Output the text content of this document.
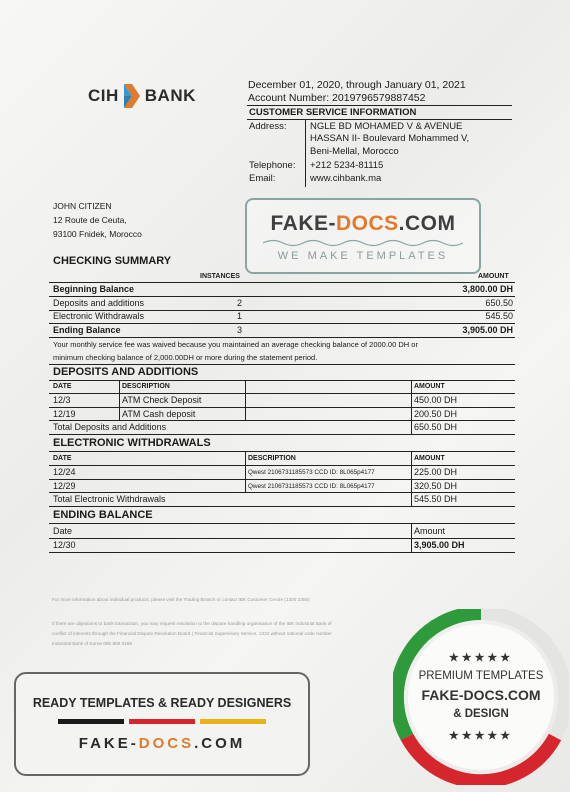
CIH BANK
December 01, 2020, through January 01, 2021
Account Number: 2019796579887452
CUSTOMER SERVICE INFORMATION
Address: NGLE BD MOHAMED V & AVENUE
HASSAN II- Boulevard Mohammed V,
Beni-Mellal, Morocco
Telephone: +212 5234-81115
Email:	www.cihbank.ma
JOHN CITIZEN
12 Route de Ceuta,
93100 Fnidek, Morocco	FAKE-DOCS.COM
WE MAKE TEMPLATES
CHECKING SUMMARY
INSTANCES	AMOUNT
Beginning Balance	3,800.00 DH
Deposits and additions	2	650.50
Electronic Withdrawals	1	545.50
Ending Balance	3	3,905.00 DH
Your monthly service fee was waived because you maintained an average checking balance of 2000.00 DH or
minimum checking balance of 2,000.00DH or more during the statement period.
DEPOSITS AND ADDITIONS
DATE	DESCRIPTION	AMOUNT
12/3	ATM Check Deposit	450.00 DH
12/19	ATM Cash deposit	200.50 DH
Total Deposits and Additions	650.50 DH
ELECTRONIC WITHDRAWALS
DATE	DESCRIPTION	AMOUNT
12/24	Qwest 2106731185573 CCD ID: 8L065p4177	225.00 DH
12/29	Qwest 2106731185573 CCD ID: 8L065p4177	320.50 DH
Total Electronic Withdrawals	545.50 DH
ENDING BALANCE
Date	Amount
12/30	3,905.00 DH
For more information about individual products, please visit the Trading Branch or contact IBK Customer Centre (1300 2366)
If there are objections to bank transaction, you may request resolution to the dispute handling organisation of the IBK Industrial Bank of
conflict of interests through the Financial Dispute Resolution Board ( Financial Supervisory Service, 1332 without national code number
Industrial Bank of Korea 080 800 0159
READY TEMPLATES & READY DESIGNERS
FAKE-DOCS.COM
★★★★★
PREMIUM TEMPLATES
FAKE-DOCS.COM
& DESIGN
★★★★★
